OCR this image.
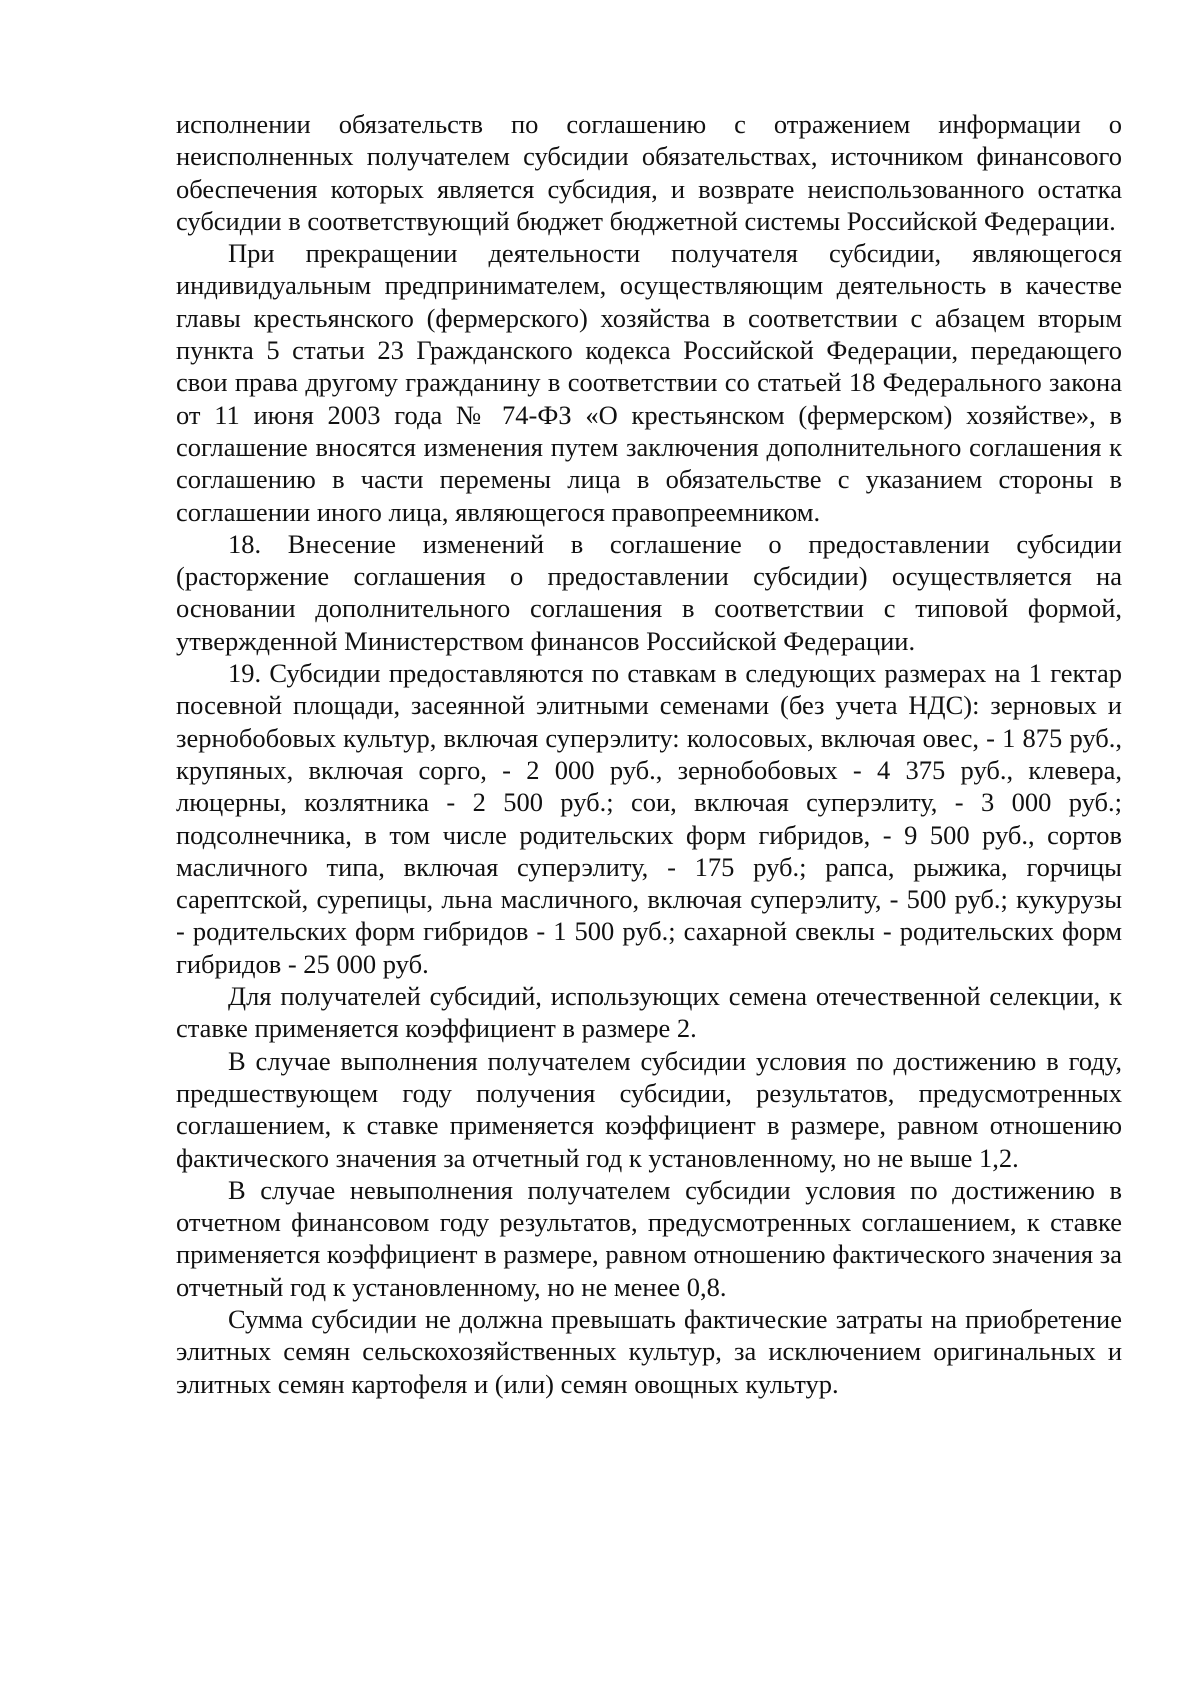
исполнении обязательств по соглашению с отражением информации о неисполненных получателем субсидии обязательствах, источником финансового обеспечения которых является субсидия, и возврате неиспользованного остатка субсидии в соответствующий бюджет бюджетной системы Российской Федерации.

При прекращении деятельности получателя субсидии, являющегося индивидуальным предпринимателем, осуществляющим деятельность в качестве главы крестьянского (фермерского) хозяйства в соответствии с абзацем вторым пункта 5 статьи 23 Гражданского кодекса Российской Федерации, передающего свои права другому гражданину в соответствии со статьей 18 Федерального закона от 11 июня 2003 года № 74-ФЗ «О крестьянском (фермерском) хозяйстве», в соглашение вносятся изменения путем заключения дополнительного соглашения к соглашению в части перемены лица в обязательстве с указанием стороны в соглашении иного лица, являющегося правопреемником.

18. Внесение изменений в соглашение о предоставлении субсидии (расторжение соглашения о предоставлении субсидии) осуществляется на основании дополнительного соглашения в соответствии с типовой формой, утвержденной Министерством финансов Российской Федерации.

19. Субсидии предоставляются по ставкам в следующих размерах на 1 гектар посевной площади, засеянной элитными семенами (без учета НДС): зерновых и зернобобовых культур, включая суперэлиту: колосовых, включая овес, - 1 875 руб., крупяных, включая сорго, - 2 000 руб., зернобобовых - 4 375 руб., клевера, люцерны, козлятника - 2 500 руб.; сои, включая суперэлиту, - 3 000 руб.; подсолнечника, в том числе родительских форм гибридов, - 9 500 руб., сортов масличного типа, включая суперэлиту, - 175 руб.; рапса, рыжика, горчицы сарептской, сурепицы, льна масличного, включая суперэлиту, - 500 руб.; кукурузы - родительских форм гибридов - 1 500 руб.; сахарной свеклы - родительских форм гибридов - 25 000 руб.

Для получателей субсидий, использующих семена отечественной селекции, к ставке применяется коэффициент в размере 2.

В случае выполнения получателем субсидии условия по достижению в году, предшествующем году получения субсидии, результатов, предусмотренных соглашением, к ставке применяется коэффициент в размере, равном отношению фактического значения за отчетный год к установленному, но не выше 1,2.

В случае невыполнения получателем субсидии условия по достижению в отчетном финансовом году результатов, предусмотренных соглашением, к ставке применяется коэффициент в размере, равном отношению фактического значения за отчетный год к установленному, но не менее 0,8.

Сумма субсидии не должна превышать фактические затраты на приобретение элитных семян сельскохозяйственных культур, за исключением оригинальных и элитных семян картофеля и (или) семян овощных культур.
